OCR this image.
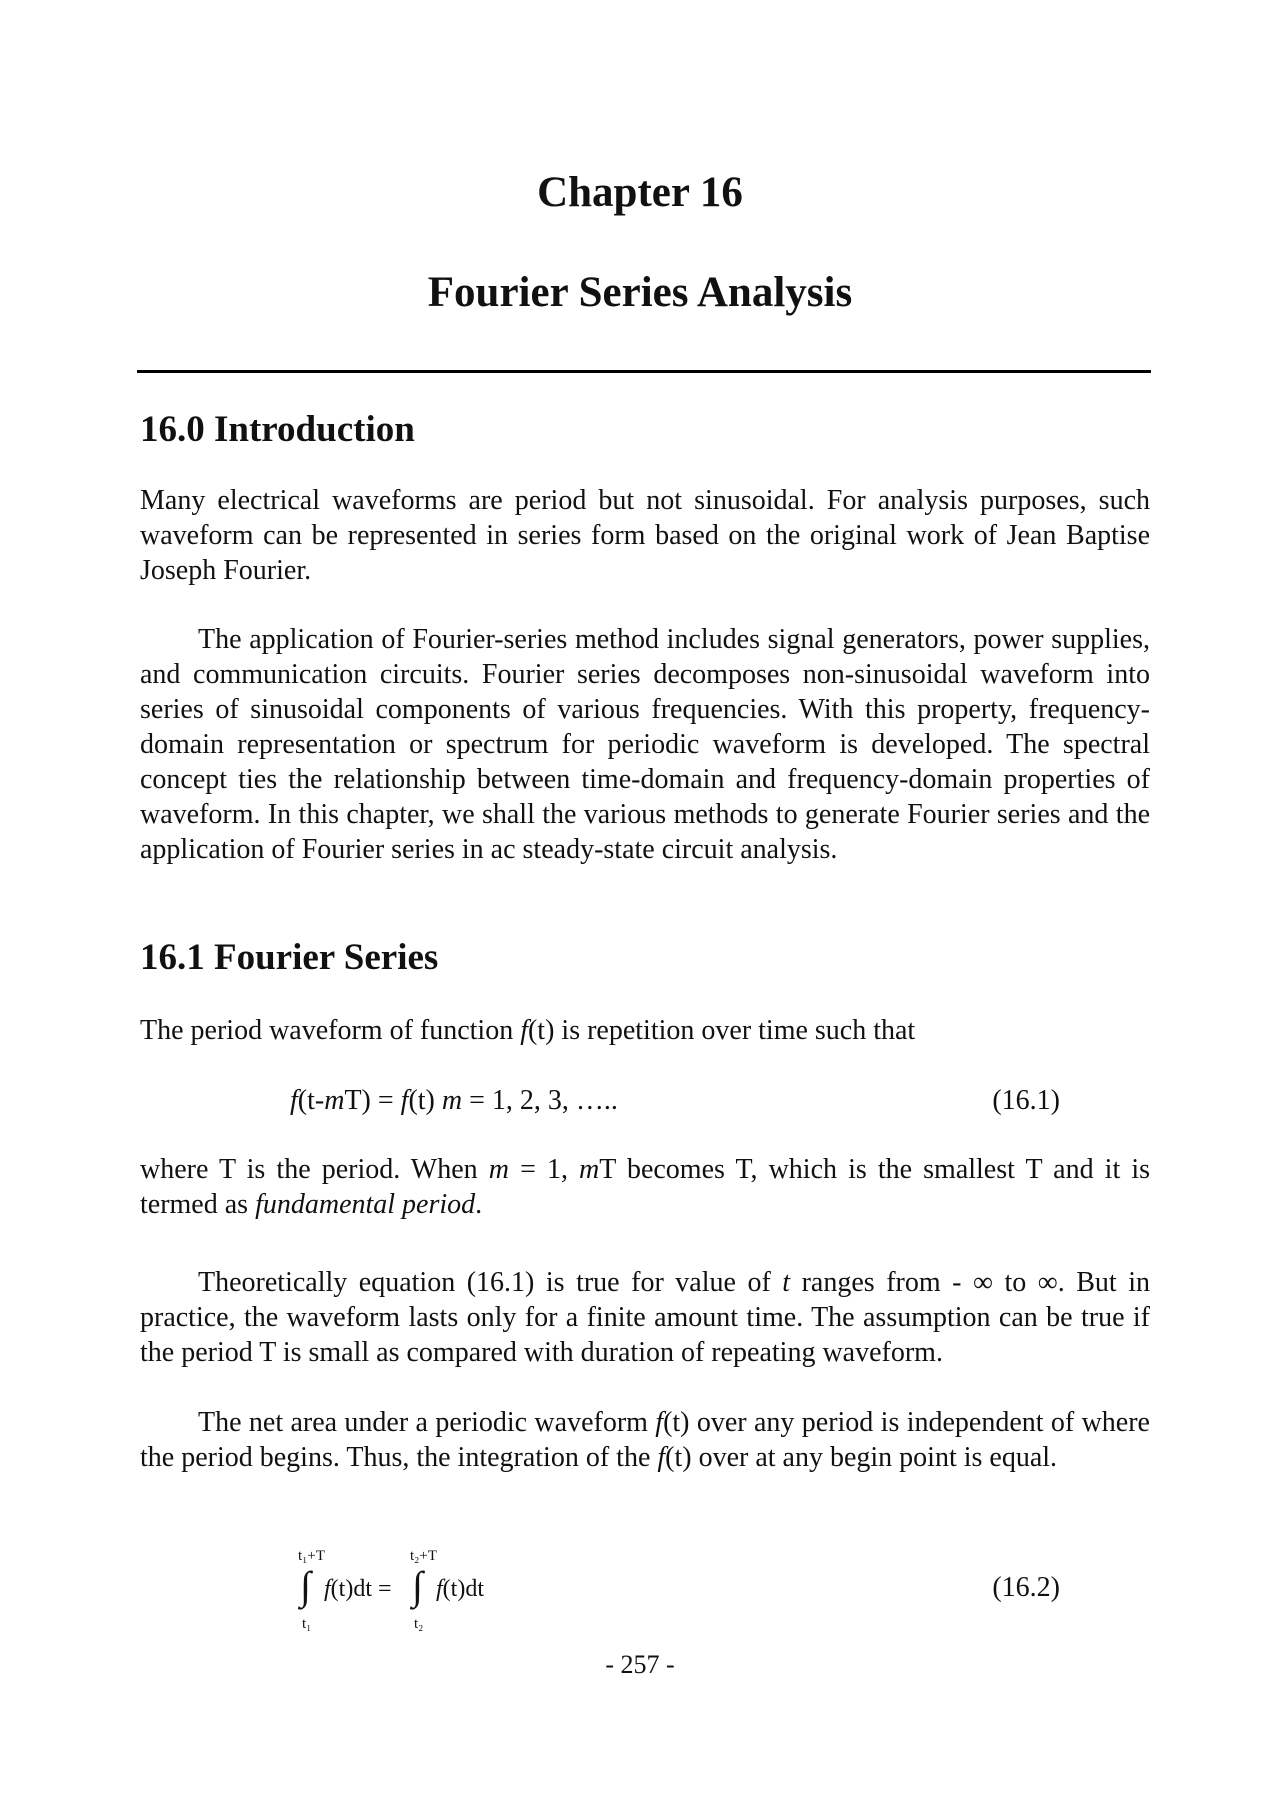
Chapter 16
Fourier Series Analysis
16.0 Introduction

Many electrical waveforms are period but not sinusoidal. For analysis purposes, such waveform can be represented in series form based on the original work of Jean Baptise Joseph Fourier.

The application of Fourier-series method includes signal generators, power supplies, and communication circuits. Fourier series decomposes non-sinusoidal waveform into series of sinusoidal components of various frequencies. With this property, frequency-domain representation or spectrum for periodic waveform is developed. The spectral concept ties the relationship between time-domain and frequency-domain properties of waveform. In this chapter, we shall the various methods to generate Fourier series and the application of Fourier series in ac steady-state circuit analysis.

16.1 Fourier Series

The period waveform of function f(t) is repetition over time such that

f(t-mT) = f(t) m = 1, 2, 3, …..	(16.1)

where T is the period. When m = 1, mT becomes T, which is the smallest T and it is termed as fundamental period.

Theoretically equation (16.1) is true for value of t ranges from - ∞ to ∞. But in practice, the waveform lasts only for a finite amount time. The assumption can be true if the period T is small as compared with duration of repeating waveform.

The net area under a periodic waveform f(t) over any period is independent of where the period begins. Thus, the integration of the f(t) over at any begin point is equal.

t₁+T
∫
t₁
t₂+T
∫
t₂
f(t)dt = f(t)dt	(16.2)
- 257 -
